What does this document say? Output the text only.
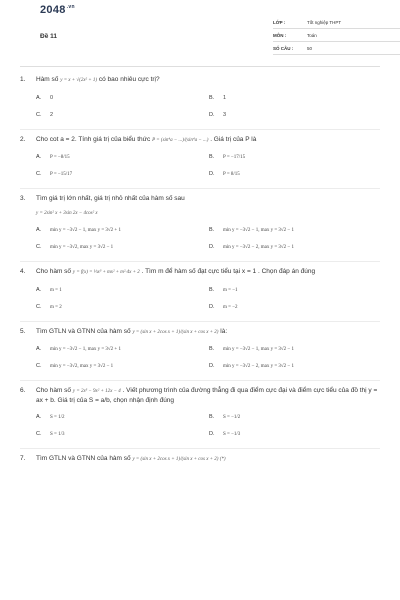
$2048^{.vn}$
Đề 11
LỚP :	Tốt nghiệp THPT
MÔN :	Toán
SỐ CÂU :	50
1. Hàm số y = x + √(2x² + 1) có bao nhiêu cực trị?
A. 0	B. 1
C. 2	D. 3
2. Cho cot a = 2. Tính giá trị của biểu thức P = (sin⁴a − ...)/(sin⁴a − ...) . Giá trị của P là
A. P = −8/15	B. P = −17/15
C. P = −15/17	D. P = 8/15
3. Tìm giá trị lớn nhất, giá trị nhỏ nhất của hàm số sau
y = 2sin² x + 3sin 2x − 4cos² x
A. min y = −3√2 − 1, max y = 3√2 + 1	B. min y = −3√2 − 1, max y = 3√2 − 1
C. min y = −3√2, max y = 3√2 − 1	D. min y = −3√2 − 2, max y = 3√2 − 1
4. Cho hàm số y = f(x) = ⅓x³ + mx² + m²·4x + 2 . Tìm m để hàm số đạt cực tiểu tại x = 1 . Chọn đáp án đúng
A. m = 1	B. m = −1
C. m = 2	D. m = −2
5. Tìm GTLN và GTNN của hàm số y = (sin x + 2cos x + 1)/(sin x + cos x + 2) là:
A. min y = −3√2 − 1, max y = 3√2 + 1	B. min y = −3√2 − 1, max y = 3√2 − 1
C. min y = −3√2, max y = 3√2 − 1	D. min y = −3√2 − 2, max y = 3√2 − 1
6. Cho hàm số y = 2x³ − 9x² + 12x − 4 . Viết phương trình của đường thẳng đi qua điểm cực đại và điểm cực tiểu của đồ thị y = ax + b. Giá trị của S = a/b, chọn nhận định đúng
A. S = 1/2	B. S = −1/2
C. S = 1/3	D. S = −1/3
7. Tìm GTLN và GTNN của hàm số y = (sin x + 2cos x + 1)/(sin x + cos x + 2) (*)
